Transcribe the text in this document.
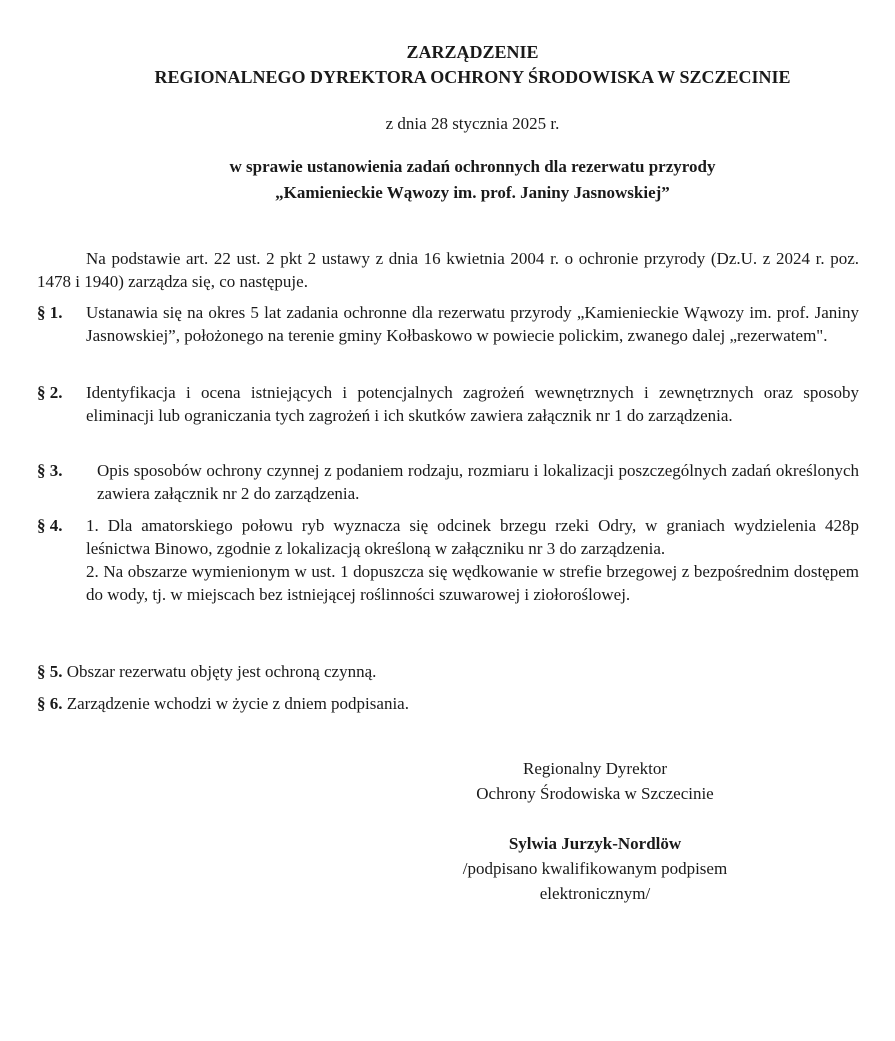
ZARZĄDZENIE
REGIONALNEGO DYREKTORA OCHRONY ŚRODOWISKA W SZCZECINIE
z dnia 28 stycznia 2025 r.
w sprawie ustanowienia zadań ochronnych dla rezerwatu przyrody
„Kamienieckie Wąwozy im. prof. Janiny Jasnowskiej”
Na podstawie art. 22 ust. 2 pkt 2 ustawy z dnia 16 kwietnia 2004 r. o ochronie przyrody (Dz.U. z 2024 r. poz. 1478 i 1940) zarządza się, co następuje.
§ 1. Ustanawia się na okres 5 lat zadania ochronne dla rezerwatu przyrody „Kamienieckie Wąwozy im. prof. Janiny Jasnowskiej”, położonego na terenie gminy Kołbaskowo w powiecie polickim, zwanego dalej „rezerwatem".
§ 2. Identyfikacja i ocena istniejących i potencjalnych zagrożeń wewnętrznych i zewnętrznych oraz sposoby eliminacji lub ograniczania tych zagrożeń i ich skutków zawiera załącznik nr 1 do zarządzenia.
§ 3. Opis sposobów ochrony czynnej z podaniem rodzaju, rozmiaru i lokalizacji poszczególnych zadań określonych zawiera załącznik nr 2 do zarządzenia.
§ 4. 1. Dla amatorskiego połowu ryb wyznacza się odcinek brzegu rzeki Odry, w graniach wydzielenia 428p leśnictwa Binowo, zgodnie z lokalizacją określoną w załączniku nr 3 do zarządzenia.
2. Na obszarze wymienionym w ust. 1 dopuszcza się wędkowanie w strefie brzegowej z bezpośrednim dostępem do wody, tj. w miejscach bez istniejącej roślinności szuwarowej i ziołoroślowej.
§ 5. Obszar rezerwatu objęty jest ochroną czynną.
§ 6. Zarządzenie wchodzi w życie z dniem podpisania.
Regionalny Dyrektor
Ochrony Środowiska w Szczecinie
Sylwia Jurzyk-Nordlöw
/podpisano kwalifikowanym podpisem
elektronicznym/
